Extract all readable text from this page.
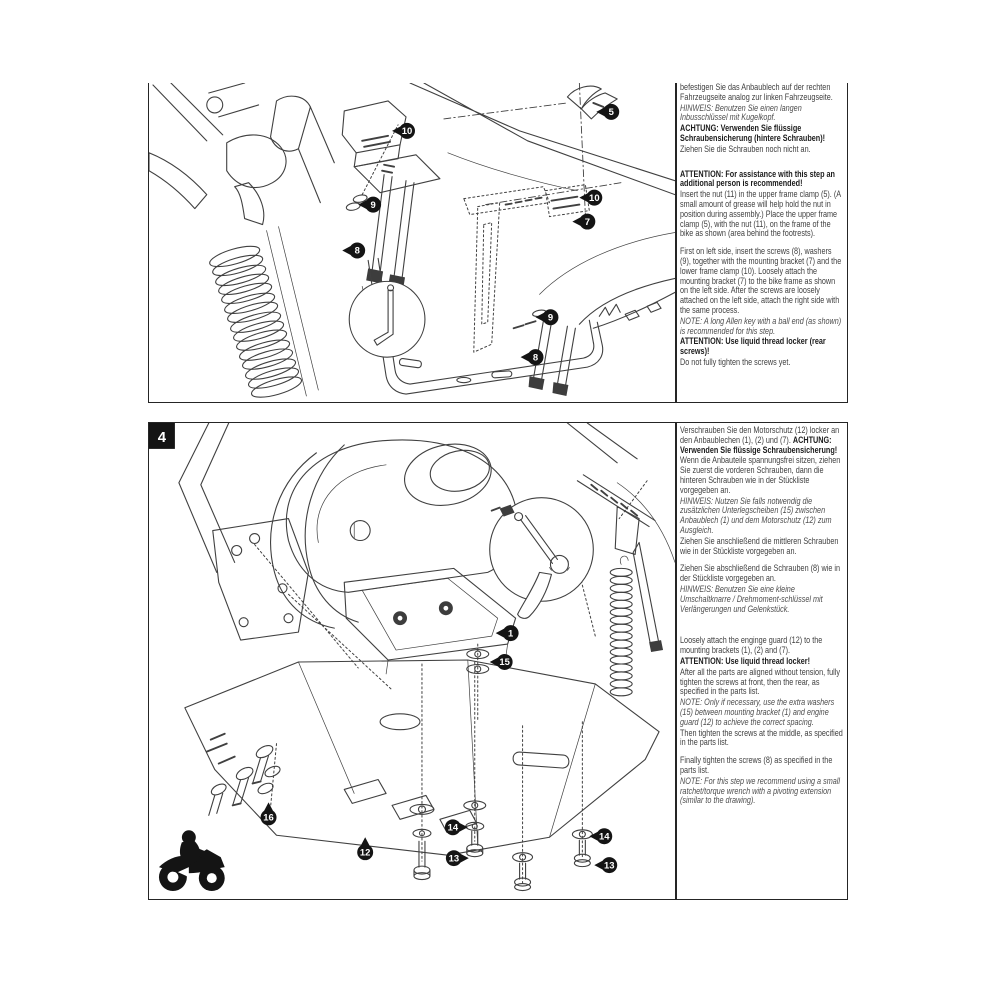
5
10
9
8
10
7
9
8

befestigen Sie das Anbaublech auf der rechten Fahrzeugseite analog zur linken Fahrzeugseite.

HINWEIS: Benutzen Sie einen langen Inbusschlüssel mit Kugelkopf.

ACHTUNG: Verwenden Sie flüssige Schraubensicherung (hintere Schrauben)!

Ziehen Sie die Schrauben noch nicht an.

ATTENTION: For assistance with this step an additional person is recommended!

Insert the nut (11) in the upper frame clamp (5). (A small amount of grease will help hold the nut in position during assembly.) Place the upper frame clamp (5), with the nut (11), on the frame of the bike as shown (area behind the footrests).

First on left side, insert the screws (8), washers (9), together with the mounting bracket (7) and the lower frame clamp (10). Loosely attach the mounting bracket (7) to the bike frame as shown on the left side. After the screws are loosely attached on the left side, attach the right side with the same process.

NOTE: A long Allen key with a ball end (as shown) is recommended for this step.

ATTENTION: Use liquid thread locker (rear screws)!

Do not fully tighten the screws yet.

4
1
15
16
12
14
13
14
13

Verschrauben Sie den Motorschutz (12) locker an den Anbaublechen (1), (2) und (7). ACHTUNG: Verwenden Sie flüssige Schraubensicherung!

Wenn die Anbauteile spannungsfrei sitzen, ziehen Sie zuerst die vorderen Schrauben, dann die hinteren Schrauben wie in der Stückliste vorgegeben an.

HINWEIS: Nutzen Sie falls notwendig die zusätzlichen Unterlegscheiben (15) zwischen Anbaublech (1) und dem Motorschutz (12) zum Ausgleich.

Ziehen Sie anschließend die mittleren Schrauben wie in der Stückliste vorgegeben an.

Ziehen Sie abschließend die Schrauben (8) wie in der Stückliste vorgegeben an.

HINWEIS: Benutzen Sie eine kleine Umschaltknarre / Drehmoment-schlüssel mit Verlängerungen und Gelenkstück.

Loosely attach the enginge guard (12) to the mounting brackets (1), (2) and (7).

ATTENTION: Use liquid thread locker!

After all the parts are aligned without tension, fully tighten the screws at front, then the rear, as specified in the parts list.

NOTE: Only if necessary, use the extra washers (15) between mounting bracket (1) and engine guard (12) to achieve the correct spacing.

Then tighten the screws at the middle, as specified in the parts list.

Finally tighten the screws (8) as specified in the parts list.

NOTE: For this step we recommend using a small ratchet/torque wrench with a pivoting extension (similar to the drawing).
